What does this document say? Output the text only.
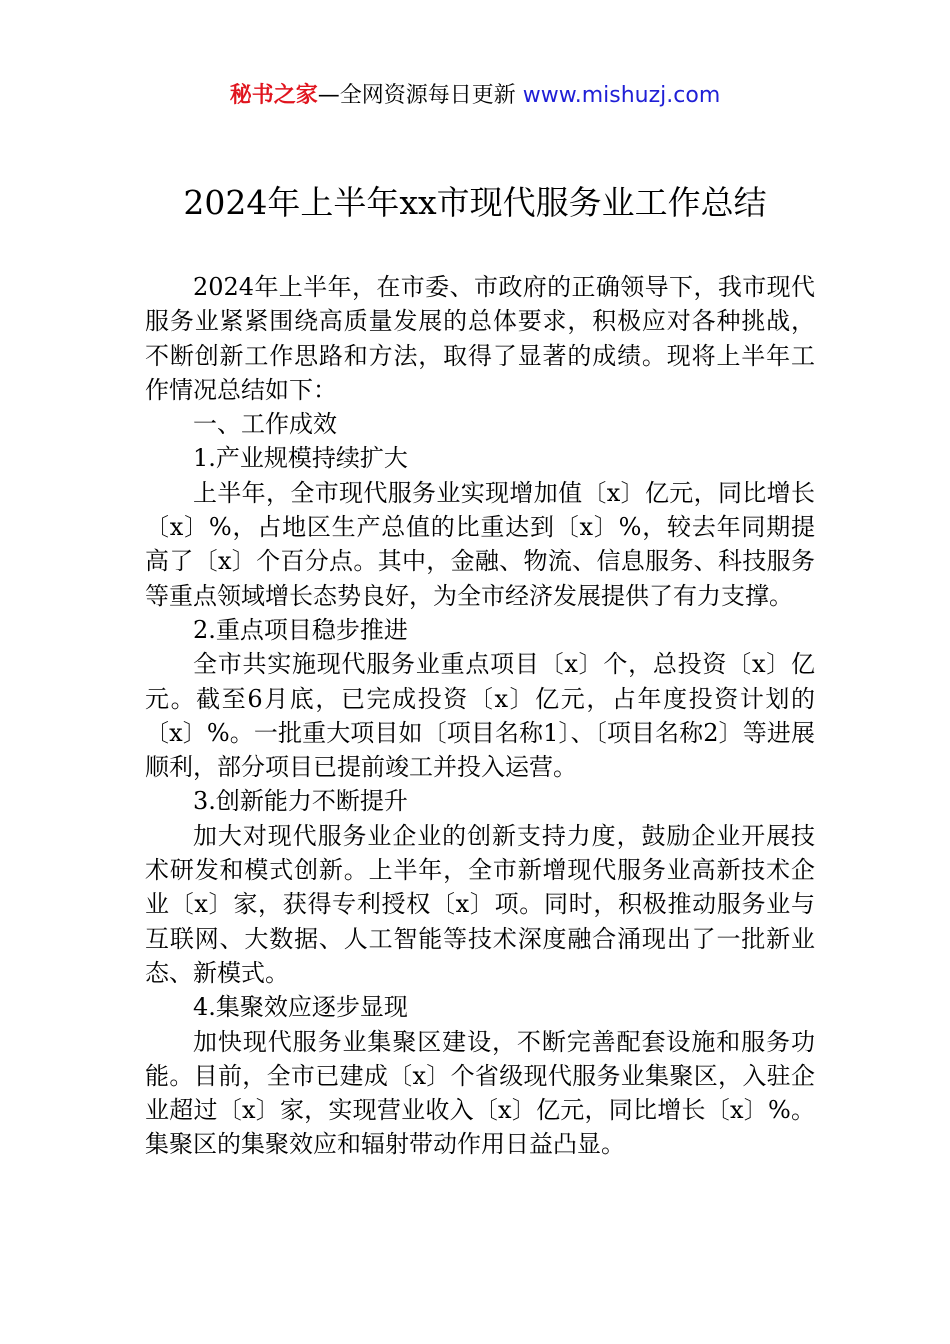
秘书之家—全网资源每日更新 www.mishuzj.com
2024年上半年xx市现代服务业工作总结

2024年上半年，在市委、市政府的正确领导下，我市现代服务业紧紧围绕高质量发展的总体要求，积极应对各种挑战，不断创新工作思路和方法，取得了显著的成绩。现将上半年工作情况总结如下：

一、工作成效

1.产业规模持续扩大

上半年，全市现代服务业实现增加值〔x〕亿元，同比增长〔x〕%，占地区生产总值的比重达到〔x〕%，较去年同期提高了〔x〕个百分点。其中，金融、物流、信息服务、科技服务等重点领域增长态势良好，为全市经济发展提供了有力支撑。

2.重点项目稳步推进

全市共实施现代服务业重点项目〔x〕个，总投资〔x〕亿元。截至6月底，已完成投资〔x〕亿元，占年度投资计划的〔x〕%。一批重大项目如〔项目名称1〕、〔项目名称2〕等进展顺利，部分项目已提前竣工并投入运营。

3.创新能力不断提升

加大对现代服务业企业的创新支持力度，鼓励企业开展技术研发和模式创新。上半年，全市新增现代服务业高新技术企业〔x〕家，获得专利授权〔x〕项。同时，积极推动服务业与互联网、大数据、人工智能等技术深度融合涌现出了一批新业态、新模式。

4.集聚效应逐步显现

加快现代服务业集聚区建设，不断完善配套设施和服务功能。目前，全市已建成〔x〕个省级现代服务业集聚区，入驻企业超过〔x〕家，实现营业收入〔x〕亿元，同比增长〔x〕%。集聚区的集聚效应和辐射带动作用日益凸显。
